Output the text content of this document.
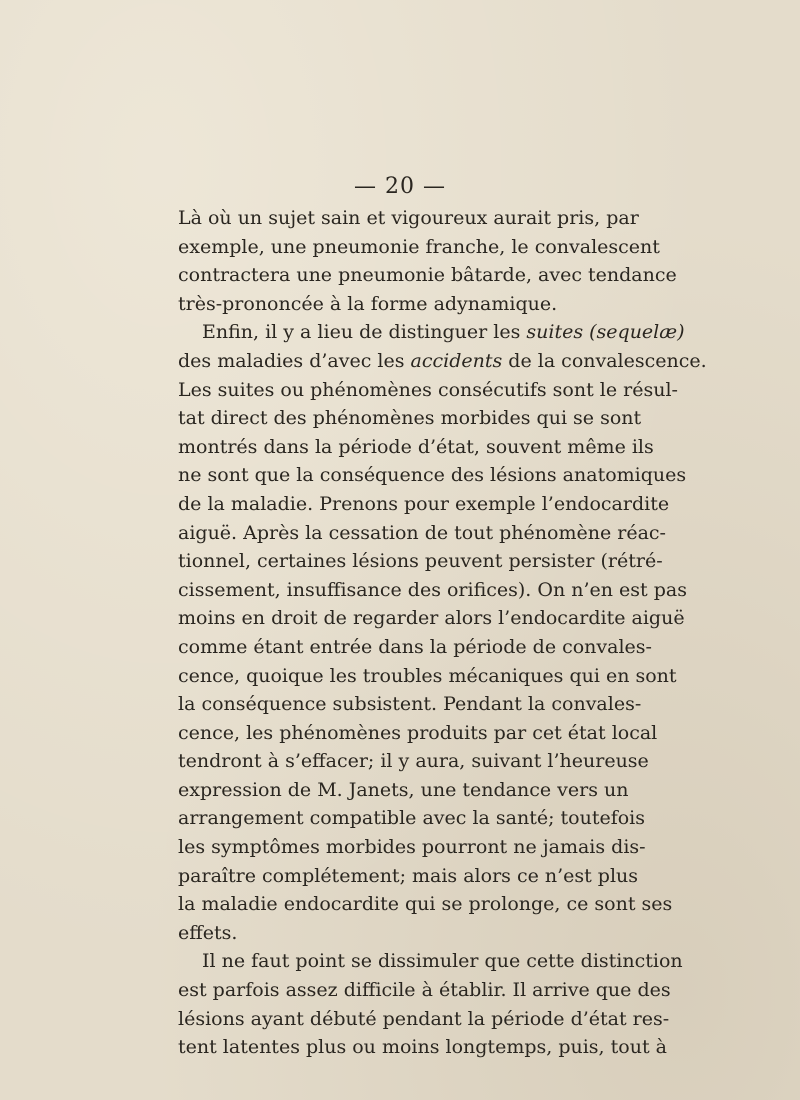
— 20 —
Là où un sujet sain et vigoureux aurait pris, par
exemple, une pneumonie franche, le convalescent
contractera une pneumonie bâtarde, avec tendance
très-prononcée à la forme adynamique.
Enfin, il y a lieu de distinguer les suites (sequelæ)
des maladies d’avec les accidents de la convalescence.
Les suites ou phénomènes consécutifs sont le résul-
tat direct des phénomènes morbides qui se sont
montrés dans la période d’état, souvent même ils
ne sont que la conséquence des lésions anatomiques
de la maladie. Prenons pour exemple l’endocardite
aiguë. Après la cessation de tout phénomène réac-
tionnel, certaines lésions peuvent persister (rétré-
cissement, insuffisance des orifices). On n’en est pas
moins en droit de regarder alors l’endocardite aiguë
comme étant entrée dans la période de convales-
cence, quoique les troubles mécaniques qui en sont
la conséquence subsistent. Pendant la convales-
cence, les phénomènes produits par cet état local
tendront à s’effacer; il y aura, suivant l’heureuse
expression de M. Janets, une tendance vers un
arrangement compatible avec la santé; toutefois
les symptômes morbides pourront ne jamais dis-
paraître complétement; mais alors ce n’est plus
la maladie endocardite qui se prolonge, ce sont ses
effets.
Il ne faut point se dissimuler que cette distinction
est parfois assez difficile à établir. Il arrive que des
lésions ayant débuté pendant la période d’état res-
tent latentes plus ou moins longtemps, puis, tout à
